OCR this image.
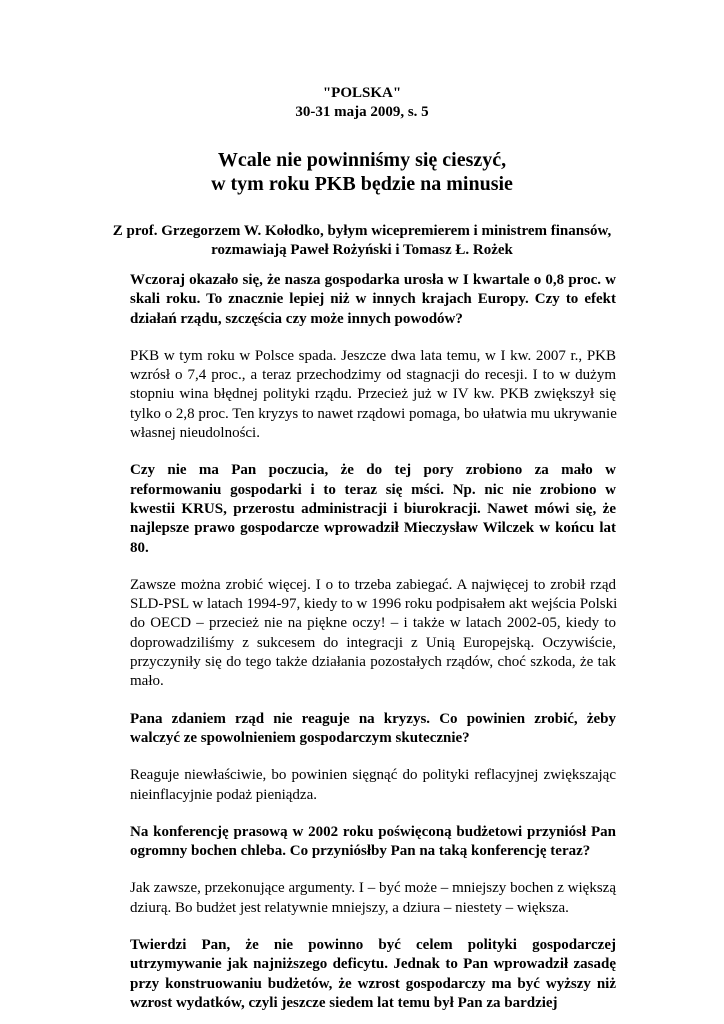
"POLSKA"
30-31 maja 2009, s. 5
Wcale nie powinniśmy się cieszyć,
w tym roku PKB będzie na minusie
Z prof. Grzegorzem W. Kołodko, byłym wicepremierem i ministrem finansów,
rozmawiają Paweł Rożyński i Tomasz Ł. Rożek

Wczoraj okazało się, że nasza gospodarka urosła w I kwartale o 0,8 proc. w
skali roku. To znacznie lepiej niż w innych krajach Europy. Czy to efekt
działań rządu, szczęścia czy może innych powodów?

PKB w tym roku w Polsce spada. Jeszcze dwa lata temu, w I kw. 2007 r., PKB
wzrósł o 7,4 proc., a teraz przechodzimy od stagnacji do recesji. I to w dużym
stopniu wina błędnej polityki rządu. Przecież już w IV kw. PKB zwiększył się
tylko o 2,8 proc. Ten kryzys to nawet rządowi pomaga, bo ułatwia mu ukrywanie
własnej nieudolności.

Czy nie ma Pan poczucia, że do tej pory zrobiono za mało w
reformowaniu gospodarki i to teraz się mści. Np. nic nie zrobiono w
kwestii KRUS, przerostu administracji i biurokracji. Nawet mówi się, że
najlepsze prawo gospodarcze wprowadził Mieczysław Wilczek w końcu lat
80.

Zawsze można zrobić więcej. I o to trzeba zabiegać. A najwięcej to zrobił rząd
SLD-PSL w latach 1994-97, kiedy to w 1996 roku podpisałem akt wejścia Polski
do OECD – przecież nie na piękne oczy! – i także w latach 2002-05, kiedy to
doprowadziliśmy z sukcesem do integracji z Unią Europejską. Oczywiście,
przyczyniły się do tego także działania pozostałych rządów, choć szkoda, że tak
mało.

Pana zdaniem rząd nie reaguje na kryzys. Co powinien zrobić, żeby
walczyć ze spowolnieniem gospodarczym skutecznie?

Reaguje niewłaściwie, bo powinien sięgnąć do polityki reflacyjnej zwiększając
nieinflacyjnie podaż pieniądza.

Na konferencję prasową w 2002 roku poświęconą budżetowi przyniósł Pan
ogromny bochen chleba. Co przyniósłby Pan na taką konferencję teraz?

Jak zawsze, przekonujące argumenty. I – być może – mniejszy bochen z większą
dziurą. Bo budżet jest relatywnie mniejszy, a dziura – niestety – większa.

Twierdzi Pan, że nie powinno być celem polityki gospodarczej
utrzymywanie jak najniższego deficytu. Jednak to Pan wprowadził zasadę
przy konstruowaniu budżetów, że wzrost gospodarczy ma być wyższy niż
wzrost wydatków, czyli jeszcze siedem lat temu był Pan za bardziej
